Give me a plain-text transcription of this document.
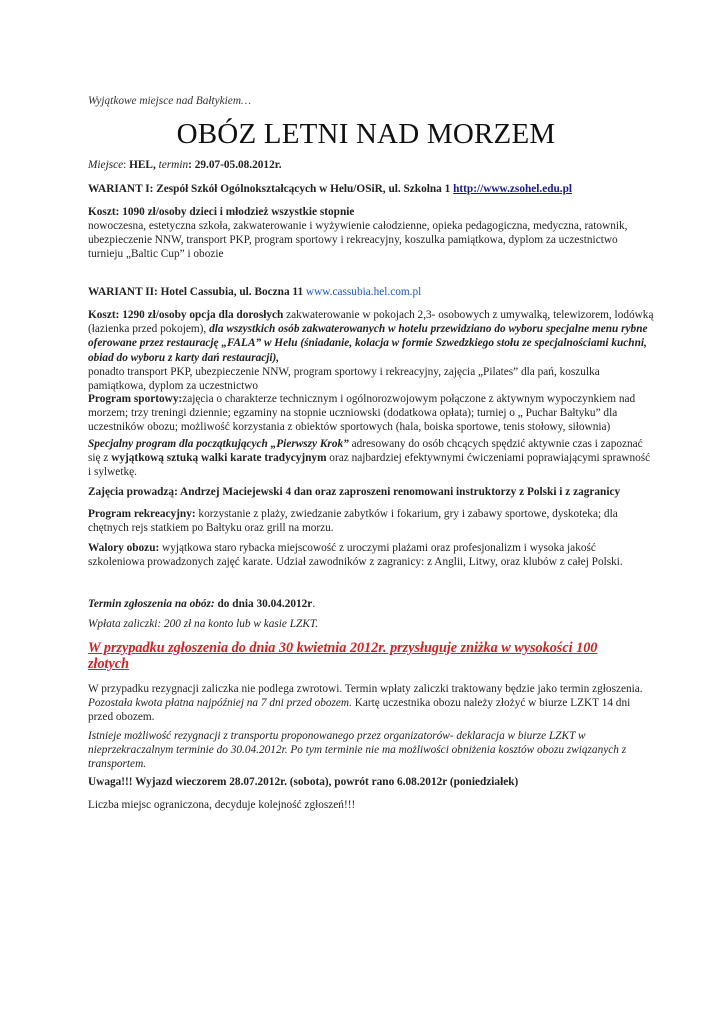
Wyjątkowe miejsce nad Bałtykiem…
OBÓZ LETNI NAD MORZEM
Miejsce: HEL, termin: 29.07-05.08.2012r.
WARIANT I: Zespół Szkół Ogólnokształcących w Helu/OSiR, ul. Szkolna 1 http://www.zsohel.edu.pl
Koszt: 1090 zł/osoby dzieci i młodzież wszystkie stopnie
nowoczesna, estetyczna szkoła, zakwaterowanie i wyżywienie całodzienne, opieka pedagogiczna, medyczna, ratownik,
ubezpieczenie NNW, transport PKP, program sportowy i rekreacyjny, koszulka pamiątkowa, dyplom za uczestnictwo
turnieju „Baltic Cup” i obozie
WARIANT II: Hotel Cassubia, ul. Boczna 11 www.cassubia.hel.com.pl
Koszt: 1290 zł/osoby opcja dla dorosłych zakwaterowanie w pokojach 2,3- osobowych z umywalką, telewizorem, lodówką
(łazienka przed pokojem), dla wszystkich osób zakwaterowanych w hotelu przewidziano do wyboru specjalne menu rybne
oferowane przez restaurację „FALA” w Helu (śniadanie, kolacja w formie Szwedzkiego stołu ze specjalnościami kuchni,
obiad do wyboru z karty dań restauracji),
ponadto transport PKP, ubezpieczenie NNW, program sportowy i rekreacyjny, zajęcia „Pilates” dla pań, koszulka
pamiątkowa, dyplom za uczestnictwo
Program sportowy:zajęcia o charakterze technicznym i ogólnorozwojowym połączone z aktywnym wypoczynkiem nad
morzem; trzy treningi dziennie; egzaminy na stopnie uczniowski (dodatkowa opłata); turniej o „ Puchar Bałtyku” dla
uczestników obozu; możliwość korzystania z obiektów sportowych (hala, boiska sportowe, tenis stołowy, siłownia)
Specjalny program dla początkujących „Pierwszy Krok” adresowany do osób chcących spędzić aktywnie czas i zapoznać
się z wyjątkową sztuką walki karate tradycyjnym oraz najbardziej efektywnymi ćwiczeniami poprawiającymi sprawność
i sylwetkę.
Zajęcia prowadzą: Andrzej Maciejewski 4 dan oraz zaproszeni renomowani instruktorzy z Polski i z zagranicy
Program rekreacyjny: korzystanie z plaży, zwiedzanie zabytków i fokarium, gry i zabawy sportowe, dyskoteka; dla
chętnych rejs statkiem po Bałtyku oraz grill na morzu.
Walory obozu: wyjątkowa staro rybacka miejscowość z uroczymi plażami oraz profesjonalizm i wysoka jakość
szkoleniowa prowadzonych zajęć karate. Udział zawodników z zagranicy: z Anglii, Litwy, oraz klubów z całej Polski.
Termin zgłoszenia na obóz: do dnia 30.04.2012r.
Wpłata zaliczki: 200 zł na konto lub w kasie LZKT.
W przypadku zgłoszenia do dnia 30 kwietnia 2012r. przysługuje zniżka w wysokości 100
złotych
W przypadku rezygnacji zaliczka nie podlega zwrotowi. Termin wpłaty zaliczki traktowany będzie jako termin zgłoszenia.
Pozostała kwota płatna najpóźniej na 7 dni przed obozem. Kartę uczestnika obozu należy złożyć w biurze LZKT 14 dni
przed obozem.
Istnieje możliwość rezygnacji z transportu proponowanego przez organizatorów- deklaracja w biurze LZKT w
nieprzekraczalnym terminie do 30.04.2012r. Po tym terminie nie ma możliwości obniżenia kosztów obozu związanych z
transportem.
Uwaga!!! Wyjazd wieczorem 28.07.2012r. (sobota), powrót rano 6.08.2012r (poniedziałek)
Liczba miejsc ograniczona, decyduje kolejność zgłoszeń!!!
